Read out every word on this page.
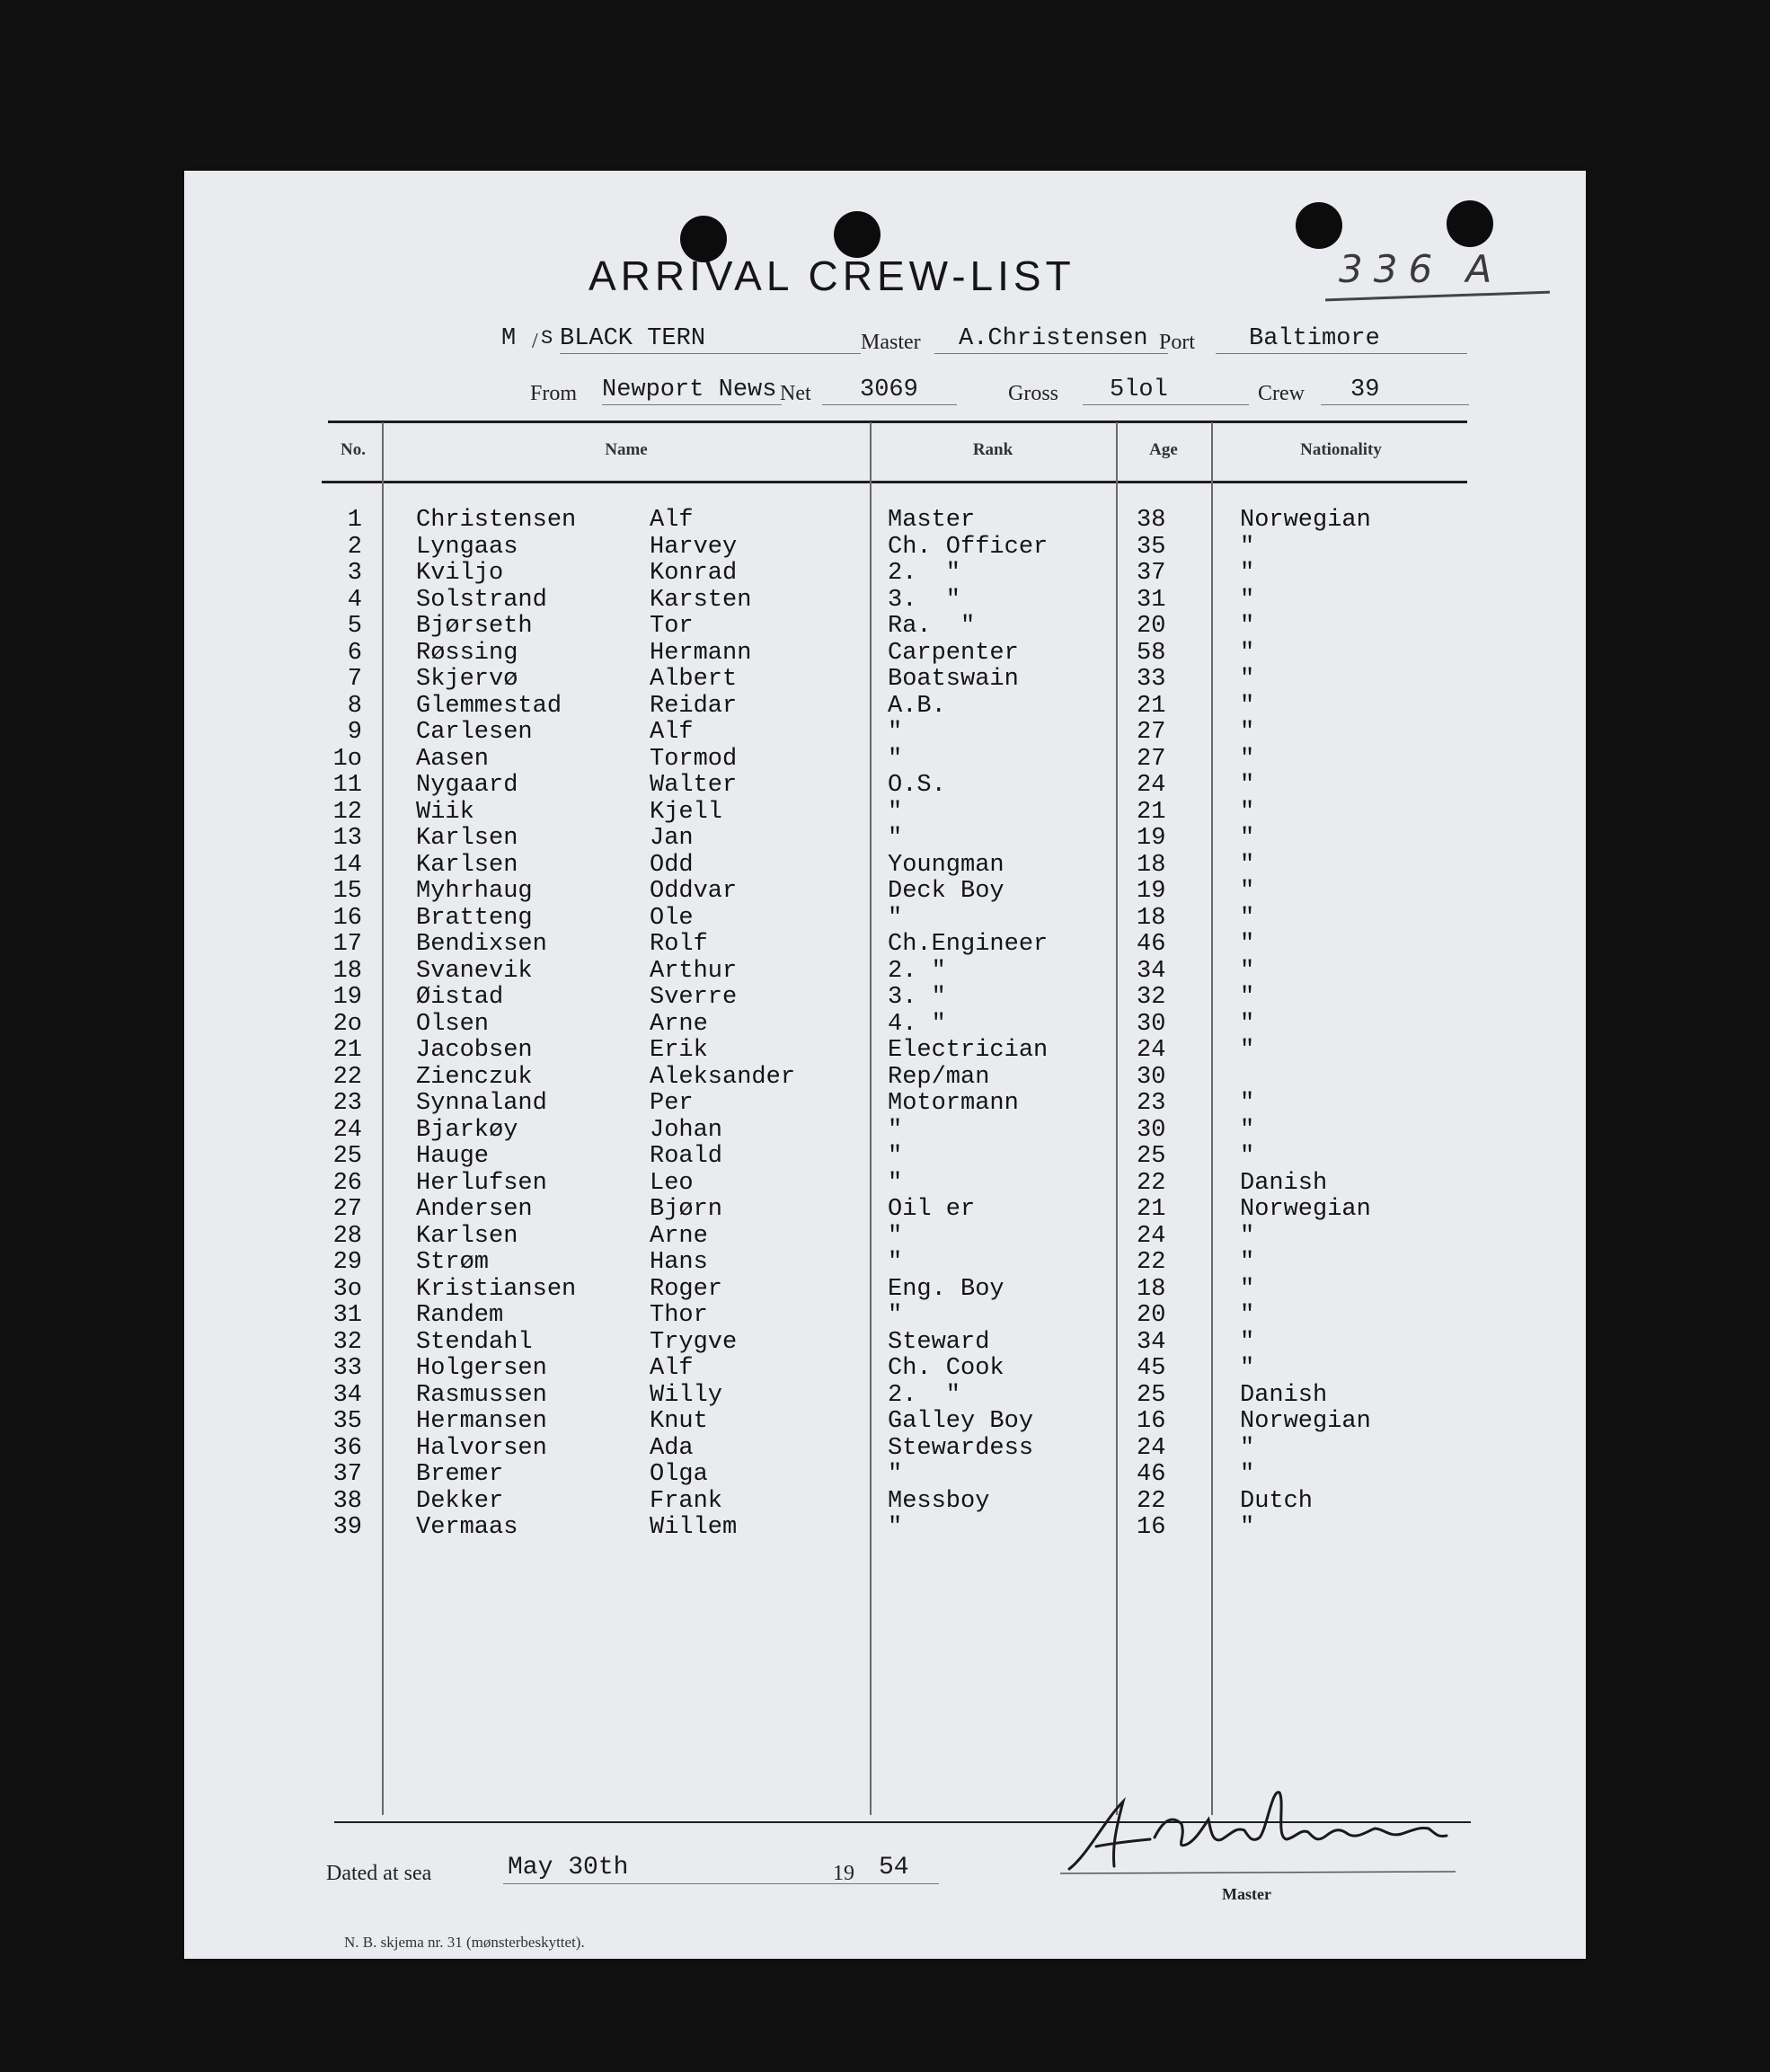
ARRIVAL CREW-LIST	336 A
M / S BLACK TERN	Master A.Christensen Port Baltimore
From Newport News Net 3069	Gross 5lol	Crew 39
No.	Name	Rank	Age	Nationality
1 Christensen	Alf	Master	38	Norwegian
2 Lyngaas	Harvey	Ch. Officer	35	"
3 Kviljo	Konrad	2.  "	37	"
4 Solstrand	Karsten	3.  "	31	"
5 Bjørseth	Tor	Ra.  "	20	"
6 Røssing	Hermann	Carpenter	58	"
7 Skjervø	Albert	Boatswain	33	"
8 Glemmestad	Reidar	A.B.	21	"
9 Carlesen	Alf	"	27	"
1o Aasen	Tormod	"	27	"
11 Nygaard	Walter	O.S.	24	"
12 Wiik	Kjell	"	21	"
13 Karlsen	Jan	"	19	"
14 Karlsen	Odd	Youngman	18	"
15 Myhrhaug	Oddvar	Deck Boy	19	"
16 Bratteng	Ole	"	18	"
17 Bendixsen	Rolf	Ch.Engineer	46	"
18 Svanevik	Arthur	2. "	34	"
19 Øistad	Sverre	3. "	32	"
2o Olsen	Arne	4. "	30	"
21 Jacobsen	Erik	Electrician	24	"
22 Zienczuk	Aleksander	Rep/man	30
23 Synnaland	Per	Motormann	23	"
24 Bjarkøy	Johan	"	30	"
25 Hauge	Roald	"	25	"
26 Herlufsen	Leo	"	22	Danish
27 Andersen	Bjørn	Oil er	21	Norwegian
28 Karlsen	Arne	"	24	"
29 Strøm	Hans	"	22	"
3o Kristiansen	Roger	Eng. Boy	18	"
31 Randem	Thor	"	20	"
32 Stendahl	Trygve	Steward	34	"
33 Holgersen	Alf	Ch. Cook	45	"
34 Rasmussen	Willy	2.  "	25	Danish
35 Hermansen	Knut	Galley Boy	16	Norwegian
36 Halvorsen	Ada	Stewardess	24	"
37 Bremer	Olga	"	46	"
38 Dekker	Frank	Messboy	22	Dutch
39 Vermaas	Willem	"	16	"
Dated at sea	May 30th	19 54
Master
N. B. skjema nr. 31 (mønsterbeskyttet).
